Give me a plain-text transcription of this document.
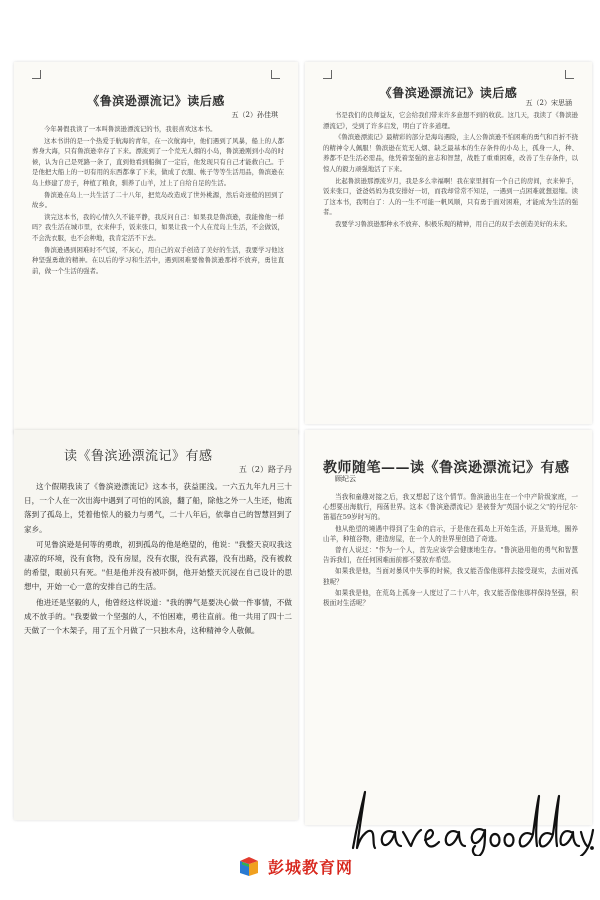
《鲁滨逊漂流记》读后感
五（2）孙佳琪

今年暑假我读了一本叫鲁滨逊漂流记的书，我很喜欢这本书。

这本书讲的是一个热爱于航海的青年，在一次航海中，他们遇到了风暴，船上的人都葬身大海，只有鲁滨逊幸存了下来。漂流到了一个荒无人烟的小岛，鲁滨逊刚到小岛的时候，认为自己是死路一条了，直到他看到船搁了一定后，他发现只有自己才能救自己。于是他把大船上的一切有用的东西都拿了下来，做成了衣服、帐子等等生活用品，鲁滨逊在岛上修建了房子，种植了粮食，驯养了山羊，过上了自给自足的生活。

鲁滨逊在岛上一共生活了二十八年，把荒岛改造成了世外桃源，然后奇迹般的回到了故乡。

读完这本书，我的心情久久不能平静，我反问自己：如果我是鲁滨逊，我能像他一样吗？我生活在城市里，衣来伸手，饭来张口，如果让我一个人在荒岛上生活，不会做饭，不会洗衣服，也不会种地，我肯定活不下去。

鲁滨逊遇到困难时不气馁，不灰心，用自己的双手创造了美好的生活，我要学习他这种坚强勇敢的精神。在以后的学习和生活中，遇到困难要像鲁滨逊那样不放弃，勇往直前，做一个生活的强者。

《鲁滨逊漂流记》读后感
五（2）宋思涵

书是我们的良师益友，它会给我们带来许多意想不到的收获。这几天，我读了《鲁滨逊漂流记》，受到了许多启发，明白了许多道理。

《鲁滨逊漂流记》最精彩的部分是海岛遇险，主人公鲁滨逊不怕困难的勇气和百折不挠的精神令人佩服！鲁滨逊在荒无人烟、缺乏最基本的生存条件的小岛上，孤身一人，种、养都不是生活必需品，他凭着坚强的意志和智慧，战胜了重重困难，改善了生存条件，以惊人的毅力顽强地活了下来。

比起鲁滨逊那漂流岁月，我是多么幸福啊！我在家里拥有一个自己的房间，衣来伸手，饭来张口，爸爸妈妈为我安排好一切，而我却常常不知足，一遇到一点困难就想退缩。读了这本书，我明白了：人的一生不可能一帆风顺，只有勇于面对困难，才能成为生活的强者。

我要学习鲁滨逊那种永不放弃、积极乐观的精神，用自己的双手去创造美好的未来。

读《鲁滨逊漂流记》有感
五（2）路子丹

这个假期我读了《鲁滨逊漂流记》这本书，获益匪浅。一六五九年九月三十日，一个人在一次出海中遇到了可怕的风浪，翻了船，除他之外一人生还，他流落到了孤岛上，凭着他惊人的毅力与勇气，二十八年后，依靠自己的智慧回到了家乡。

可见鲁滨逊是何等的勇敢，初到孤岛的他是绝望的，他说："我整天哀叹我这凄凉的环境，没有食物，没有房屋，没有衣服，没有武器，没有出路，没有被救的希望，眼前只有死。"但是他并没有被吓倒，他开始整天沉浸在自己设计的思想中，开始一心一意的安排自己的生活。

他进还是坚毅的人，他曾经这样说道："我的脾气是要决心做一件事情，不做成不放手的。"我要做一个坚强的人，不怕困难，勇往直前。他一共用了四十二天做了一个木架子，用了五个月做了一只独木舟，这种精神令人敬佩。

教师随笔——读《鲁滨逊漂流记》有感
顾纪云

当我和童趣对接之后，我又想起了这个情节。鲁滨逊出生在一个中产阶级家庭，一心想要出海航行，闯荡世界。这本《鲁滨逊漂流记》是被誉为"英国小说之父"的丹尼尔·笛福在59岁时写的。

他从绝望的境遇中得到了生命的启示，于是他在孤岛上开始生活，开垦荒地，圈养山羊，种植谷物，建造房屋，在一个人的世界里创造了奇迹。

曾有人说过："作为一个人，首先应该学会健康地生存。"鲁滨逊用他的勇气和智慧告诉我们，在任何困难面前都不要放弃希望。

如果我是他，当面对暴风中失事的时候，我又能否像他那样去接受现实，去面对孤独呢？

如果我是他，在荒岛上孤身一人度过了二十八年，我又能否像他那样保持坚强，积极面对生活呢？

彭城教育网
